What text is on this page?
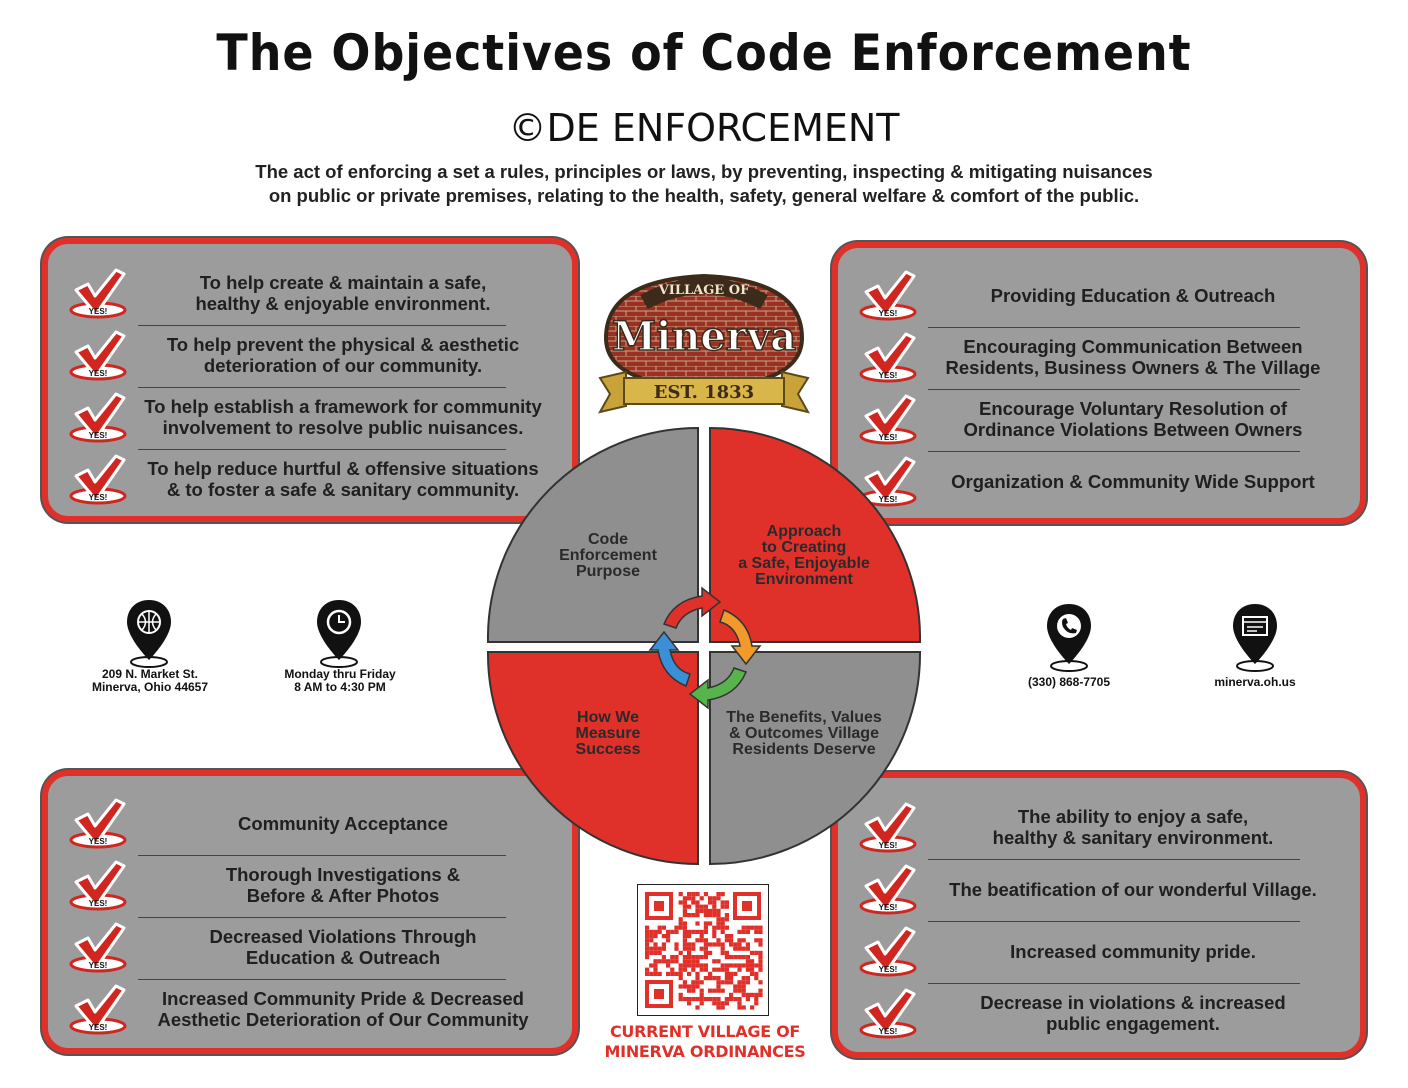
The Objectives of Code Enforcement
©DE ENFORCEMENT
The act of enforcing a set a rules, principles or laws, by preventing, inspecting & mitigating nuisances
on public or private premises, relating to the health, safety, general welfare & comfort of the public.
YES!
To help create & maintain a safe,
healthy & enjoyable environment.
YES!
To help prevent the physical & aesthetic
deterioration of our community.
YES!
To help establish a framework for community
involvement to resolve public nuisances.
YES!
To help reduce hurtful & offensive situations
& to foster a safe & sanitary community.
YES!
Providing Education & Outreach
YES!
Encouraging Communication Between
Residents, Business Owners & The Village
YES!
Encourage Voluntary Resolution of
Ordinance Violations Between Owners
YES!
Organization & Community Wide Support
YES!
Community Acceptance
YES!
Thorough Investigations &
Before & After Photos
YES!
Decreased Violations Through
Education & Outreach
YES!
Increased Community Pride & Decreased
Aesthetic Deterioration of Our Community
YES!
The ability to enjoy a safe,
healthy & sanitary environment.
YES!
The beatification of our wonderful Village.
YES!
Increased community pride.
YES!
Decrease in violations & increased
public engagement.
VILLAGE OF
Minerva
EST. 1833
Code
Enforcement
Purpose
Approach
to Creating
a Safe, Enjoyable
Environment
How We
Measure
Success
The Benefits, Values
& Outcomes Village
Residents Deserve
209 N. Market St.
Minerva, Ohio 44657
Monday thru Friday
8 AM to 4:30 PM	(330) 868-7705	minerva.oh.us
CURRENT VILLAGE OF
MINERVA ORDINANCES
